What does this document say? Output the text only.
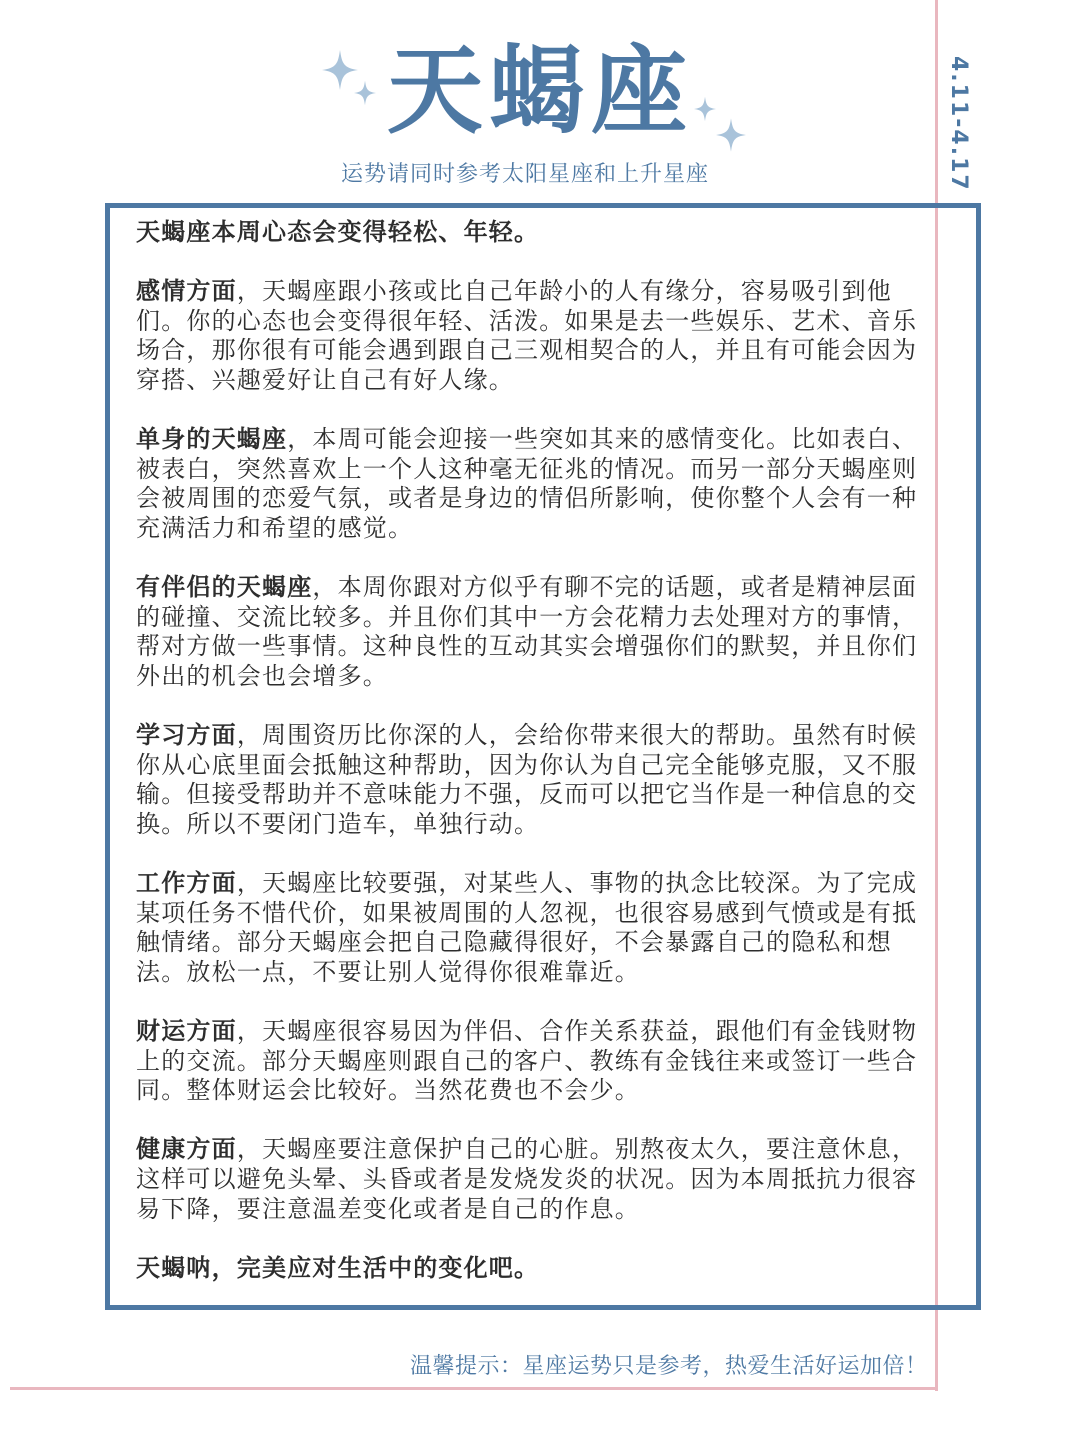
天蝎座
运势请同时参考太阳星座和上升星座	4.11-4.17

天蝎座本周心态会变得轻松、年轻。

感情方面，天蝎座跟小孩或比自己年龄小的人有缘分，容易吸引到他们。你的心态也会变得很年轻、活泼。如果是去一些娱乐、艺术、音乐场合，那你很有可能会遇到跟自己三观相契合的人，并且有可能会因为穿搭、兴趣爱好让自己有好人缘。

单身的天蝎座，本周可能会迎接一些突如其来的感情变化。比如表白、被表白，突然喜欢上一个人这种毫无征兆的情况。而另一部分天蝎座则会被周围的恋爱气氛，或者是身边的情侣所影响，使你整个人会有一种充满活力和希望的感觉。

有伴侣的天蝎座，本周你跟对方似乎有聊不完的话题，或者是精神层面的碰撞、交流比较多。并且你们其中一方会花精力去处理对方的事情，帮对方做一些事情。这种良性的互动其实会增强你们的默契，并且你们外出的机会也会增多。

学习方面，周围资历比你深的人，会给你带来很大的帮助。虽然有时候你从心底里面会抵触这种帮助，因为你认为自己完全能够克服，又不服输。但接受帮助并不意味能力不强，反而可以把它当作是一种信息的交换。所以不要闭门造车，单独行动。

工作方面，天蝎座比较要强，对某些人、事物的执念比较深。为了完成某项任务不惜代价，如果被周围的人忽视，也很容易感到气愤或是有抵触情绪。部分天蝎座会把自己隐藏得很好，不会暴露自己的隐私和想法。放松一点，不要让别人觉得你很难靠近。

财运方面，天蝎座很容易因为伴侣、合作关系获益，跟他们有金钱财物上的交流。部分天蝎座则跟自己的客户、教练有金钱往来或签订一些合同。整体财运会比较好。当然花费也不会少。

健康方面，天蝎座要注意保护自己的心脏。别熬夜太久，要注意休息，这样可以避免头晕、头昏或者是发烧发炎的状况。因为本周抵抗力很容易下降，要注意温差变化或者是自己的作息。

天蝎呐，完美应对生活中的变化吧。

温馨提示：星座运势只是参考，热爱生活好运加倍！
